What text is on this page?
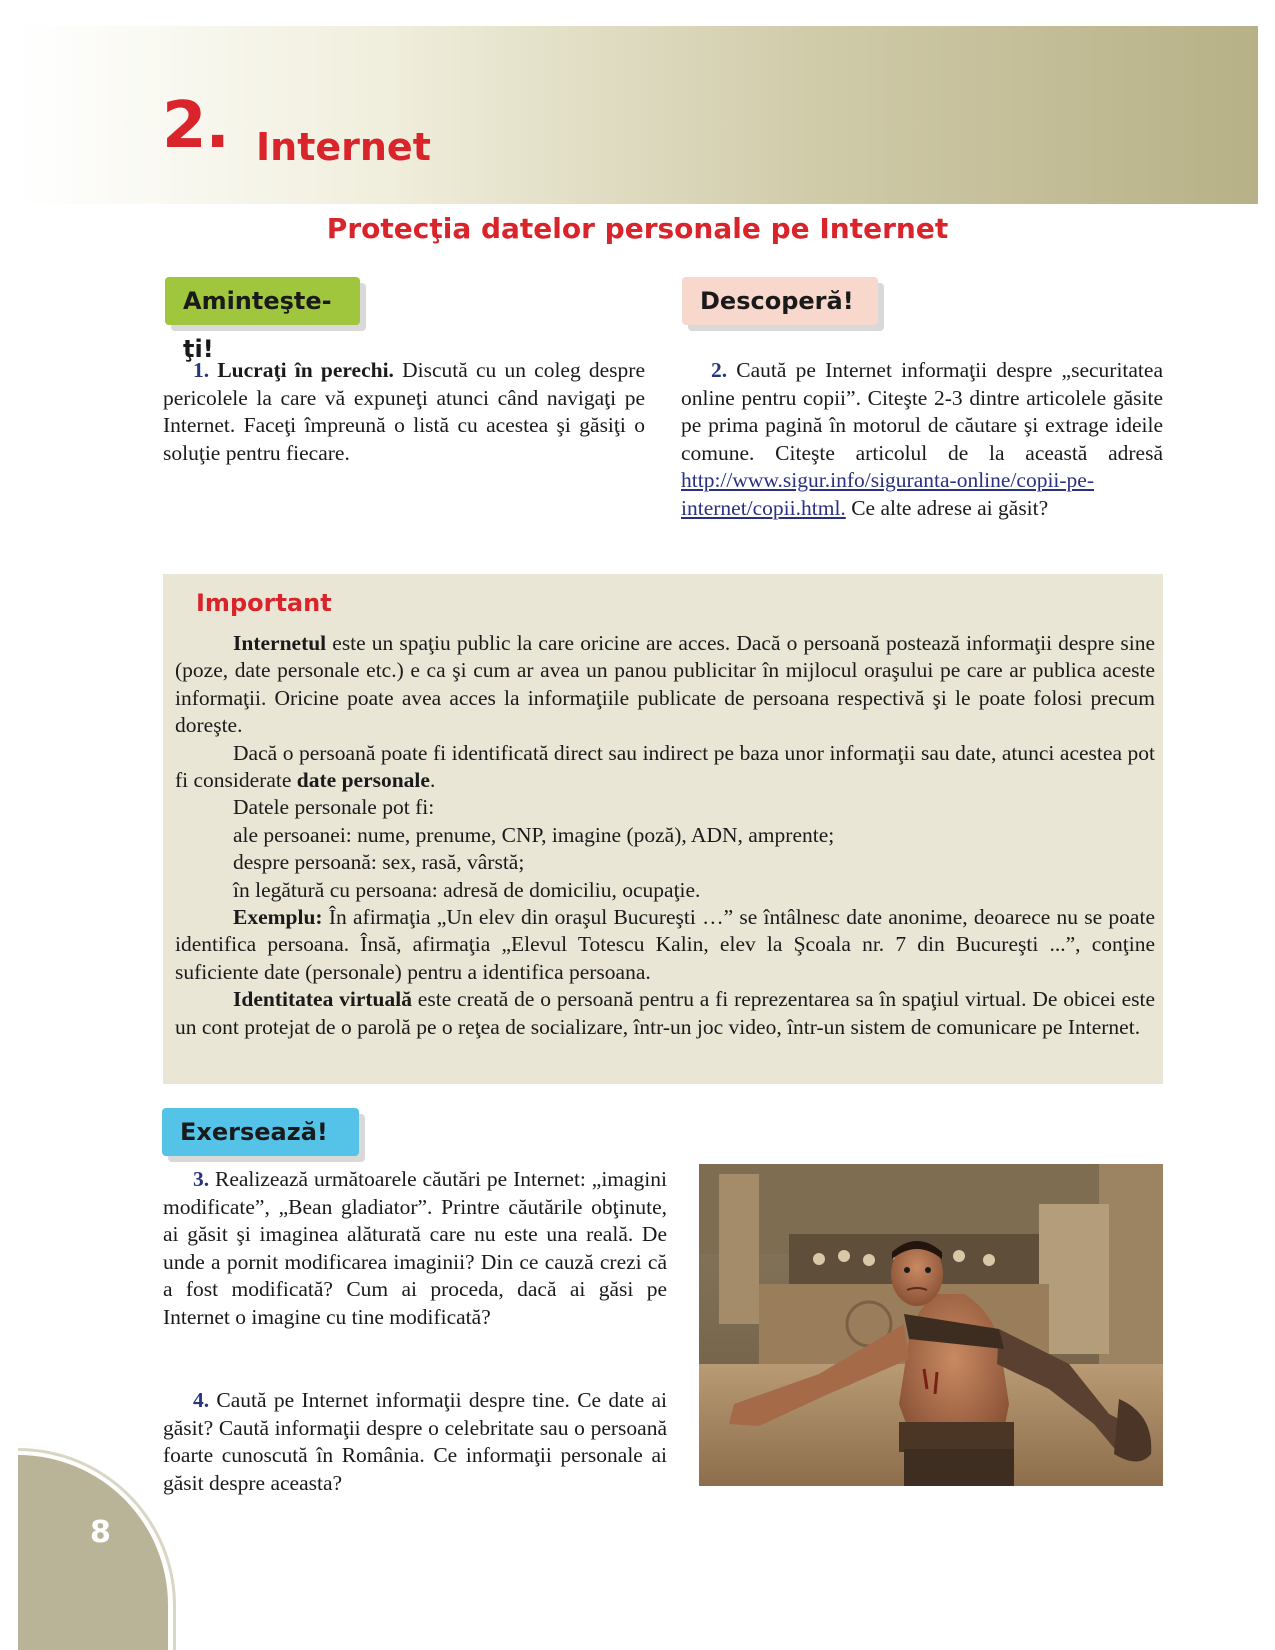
2. Internet
Protecţia datelor personale pe Internet
Aminteşte-ţi!
Descoperă!

1. Lucraţi în perechi. Discută cu un coleg despre pericolele la care vă expuneţi atunci când navigaţi pe Internet. Faceţi împreună o listă cu acestea şi găsiţi o soluţie pentru fiecare.

2. Caută pe Internet informaţii despre „securitatea online pentru copii”. Citeşte 2-3 dintre articolele găsite pe prima pagină în motorul de căutare şi extrage ideile comune. Citeşte articolul de la această adresă http://www.sigur.info/siguranta-online/copii-pe-internet/copii.html. Ce alte adrese ai găsit?

Important

Internetul este un spaţiu public la care oricine are acces. Dacă o persoană postează informaţii despre sine (poze, date personale etc.) e ca şi cum ar avea un panou publicitar în mijlocul oraşului pe care ar publica aceste informaţii. Oricine poate avea acces la informaţiile publicate de persoana respectivă şi le poate folosi precum doreşte.

Dacă o persoană poate fi identificată direct sau indirect pe baza unor informaţii sau date, atunci acestea pot fi considerate date personale.

Datele personale pot fi:

ale persoanei: nume, prenume, CNP, imagine (poză), ADN, amprente;

despre persoană: sex, rasă, vârstă;

în legătură cu persoana: adresă de domiciliu, ocupaţie.

Exemplu: În afirmaţia „Un elev din oraşul Bucureşti …” se întâlnesc date anonime, deoarece nu se poate identifica persoana. Însă, afirmaţia „Elevul Totescu Kalin, elev la Şcoala nr. 7 din Bucureşti ...”, conţine suficiente date (personale) pentru a identifica persoana.

Identitatea virtuală este creată de o persoană pentru a fi reprezentarea sa în spaţiul virtual. De obicei este un cont protejat de o parolă pe o reţea de socializare, într-un joc video, într-un sistem de comunicare pe Internet.

Exersează!

3. Realizează următoarele căutări pe Internet: „imagini modificate”, „Bean gladiator”. Printre căutările obţinute, ai găsit şi imaginea alăturată care nu este una reală. De unde a pornit modificarea imaginii? Din ce cauză crezi că a fost modificată? Cum ai proceda, dacă ai găsi pe Internet o imagine cu tine modificată?

4. Caută pe Internet informaţii despre tine. Ce date ai găsit? Caută informaţii despre o celebritate sau o persoană foarte cunoscută în România. Ce informaţii personale ai găsit despre aceasta?

8
